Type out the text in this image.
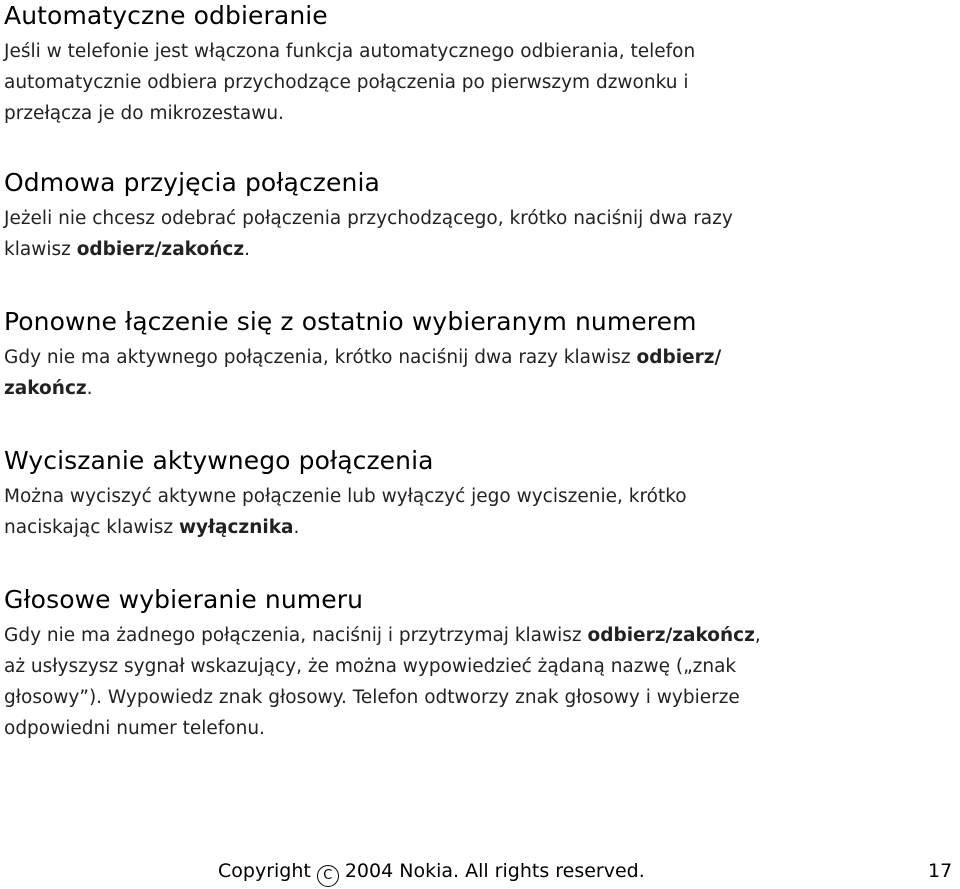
Automatyczne odbieranie

Jeśli w telefonie jest włączona funkcja automatycznego odbierania, telefon
automatycznie odbiera przychodzące połączenia po pierwszym dzwonku i
przełącza je do mikrozestawu.

Odmowa przyjęcia połączenia

Jeżeli nie chcesz odebrać połączenia przychodzącego, krótko naciśnij dwa razy
klawisz odbierz/zakończ.

Ponowne łączenie się z ostatnio wybieranym numerem

Gdy nie ma aktywnego połączenia, krótko naciśnij dwa razy klawisz odbierz/
zakończ.

Wyciszanie aktywnego połączenia

Można wyciszyć aktywne połączenie lub wyłączyć jego wyciszenie, krótko
naciskając klawisz wyłącznika.

Głosowe wybieranie numeru

Gdy nie ma żadnego połączenia, naciśnij i przytrzymaj klawisz odbierz/zakończ,
aż usłyszysz sygnał wskazujący, że można wypowiedzieć żądaną nazwę („znak
głosowy”). Wypowiedz znak głosowy. Telefon odtworzy znak głosowy i wybierze
odpowiedni numer telefonu.

Copyright C 2004 Nokia. All rights reserved.	17
